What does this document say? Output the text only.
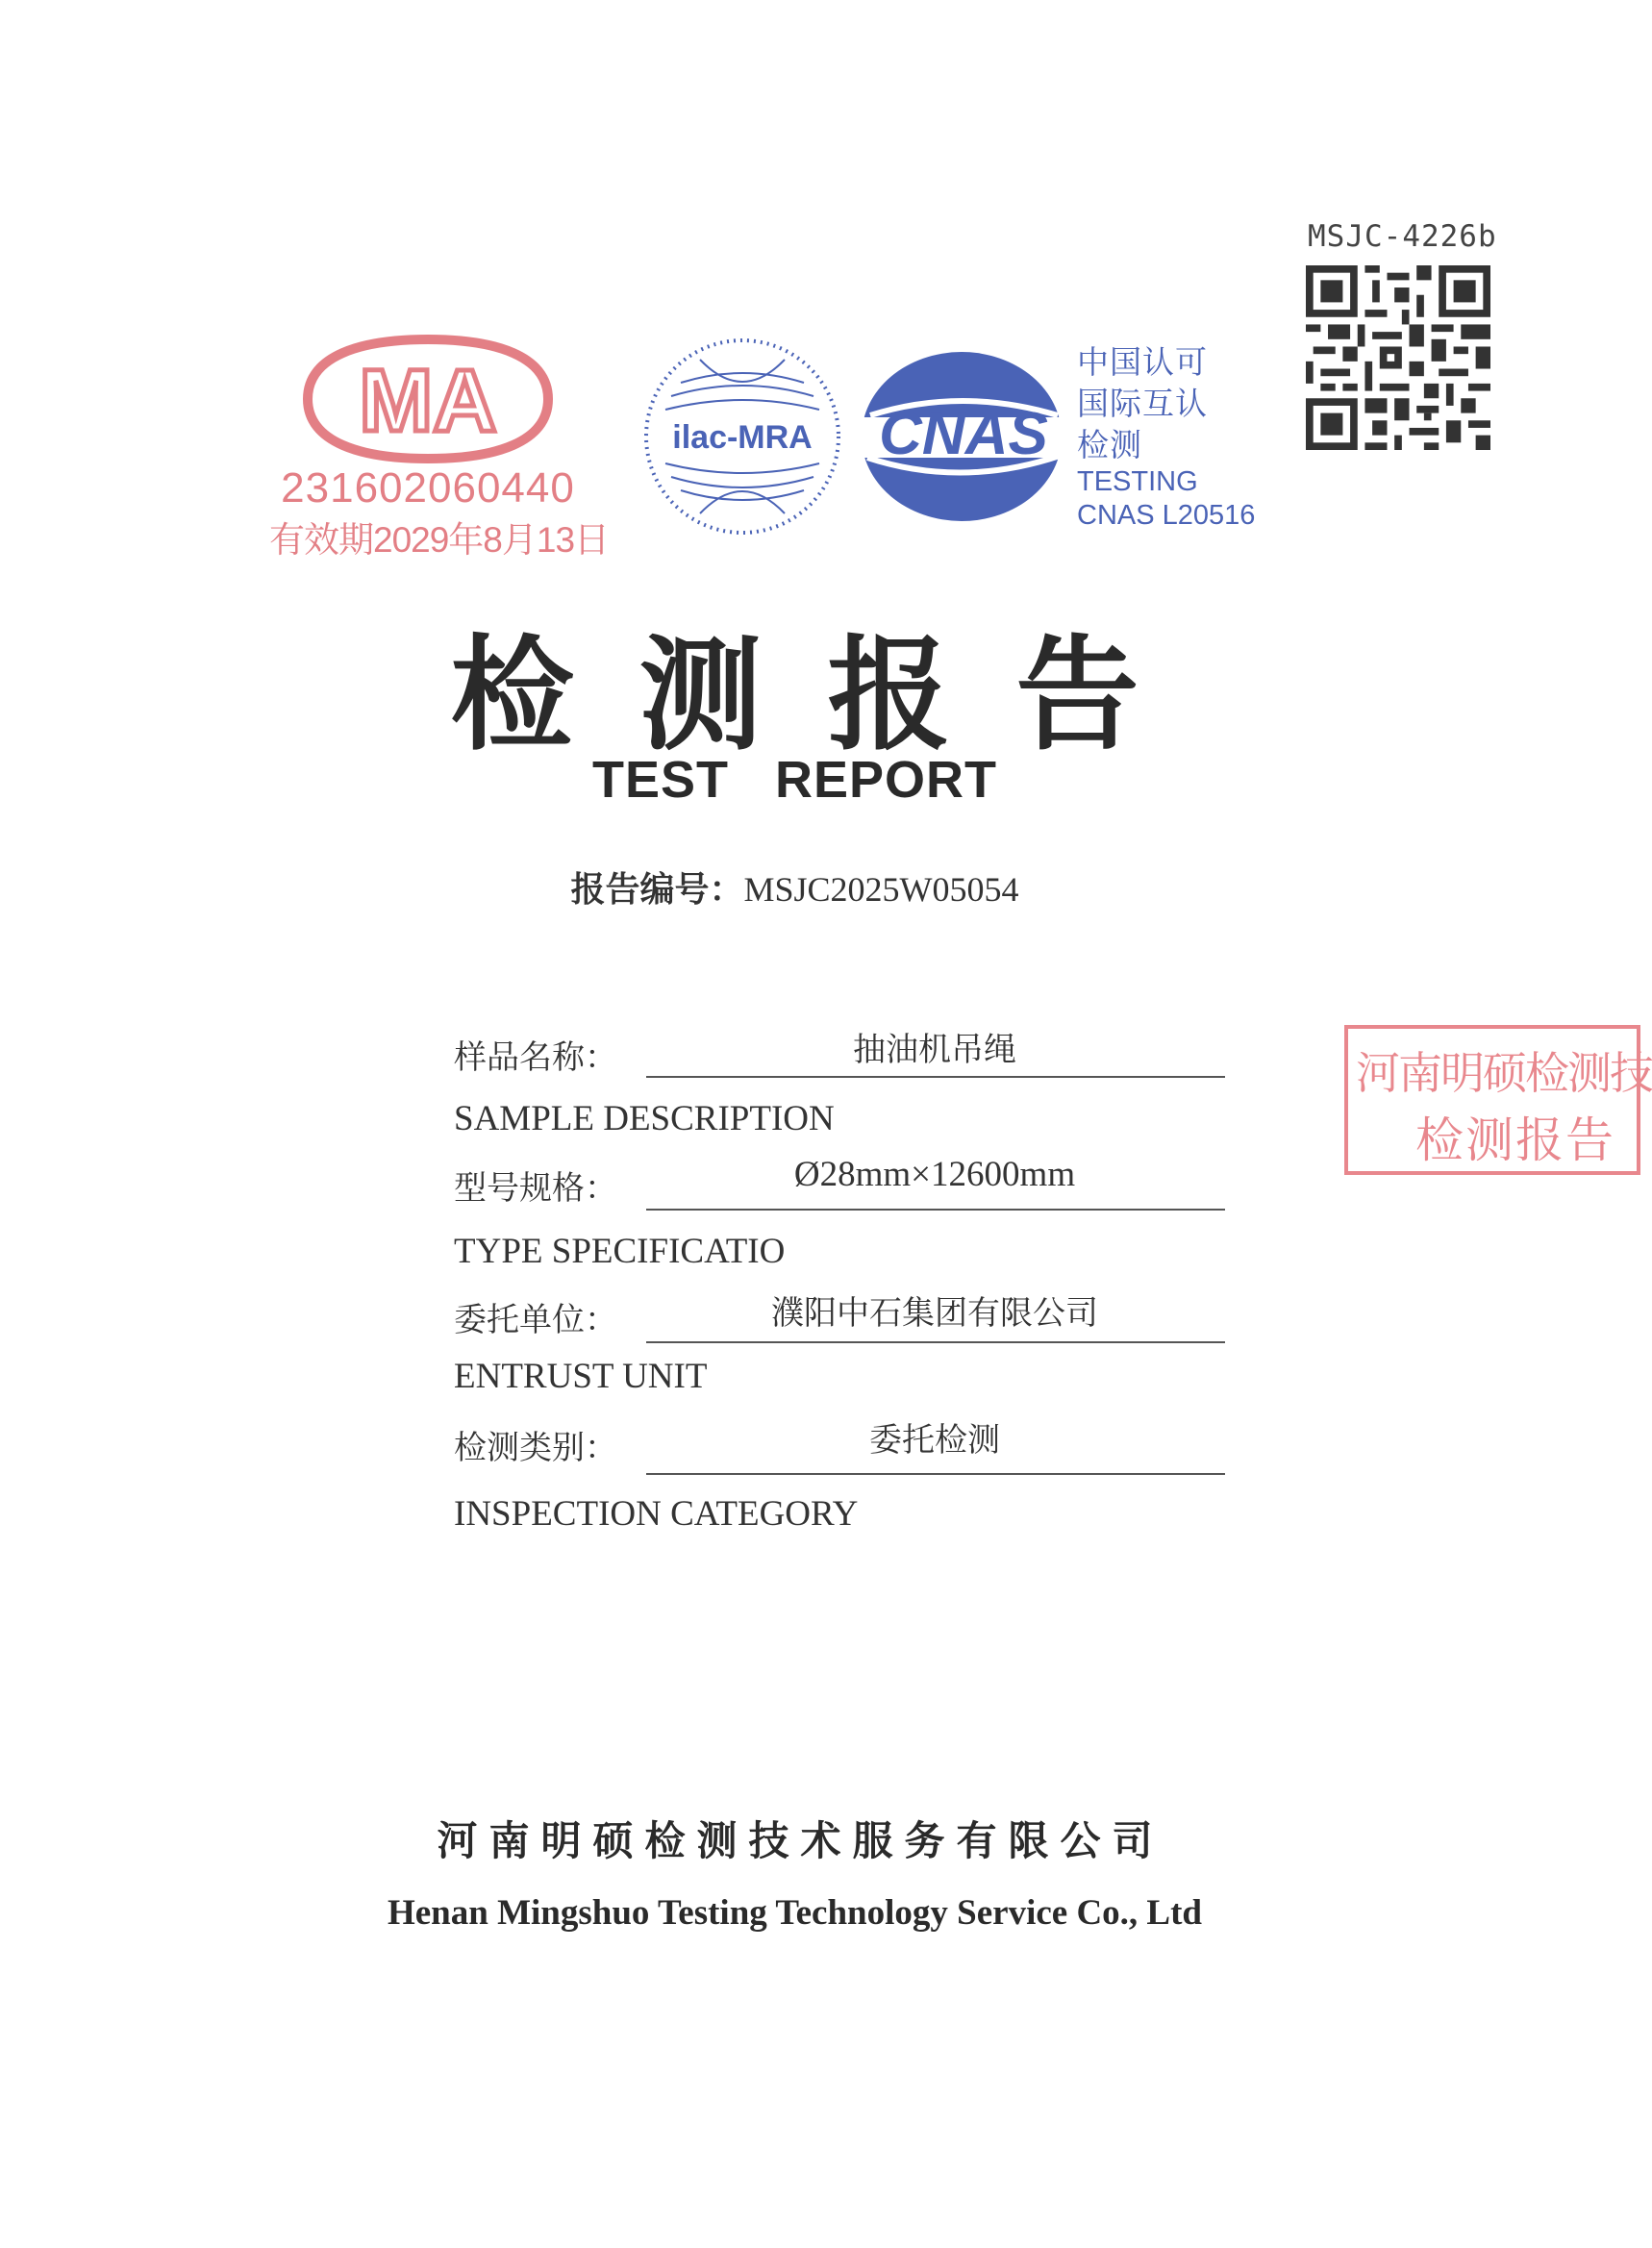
MSJC-4226b
MA
231602060440
有效期2029年8月13日
ilac-MRA CNAS
中国认可
国际互认
检测
TESTING
CNAS L20516
检测报告
TEST   REPORT
报告编号：MSJC2025W05054
样品名称：	抽油机吊绳
SAMPLE DESCRIPTION
型号规格：	Ø28mm×12600mm
TYPE SPECIFICATIO
委托单位：	濮阳中石集团有限公司
ENTRUST UNIT
检测类别：	委托检测
INSPECTION CATEGORY
河南明硕检测技
检测报告
河南明硕检测技术服务有限公司
Henan Mingshuo Testing Technology Service Co., Ltd
